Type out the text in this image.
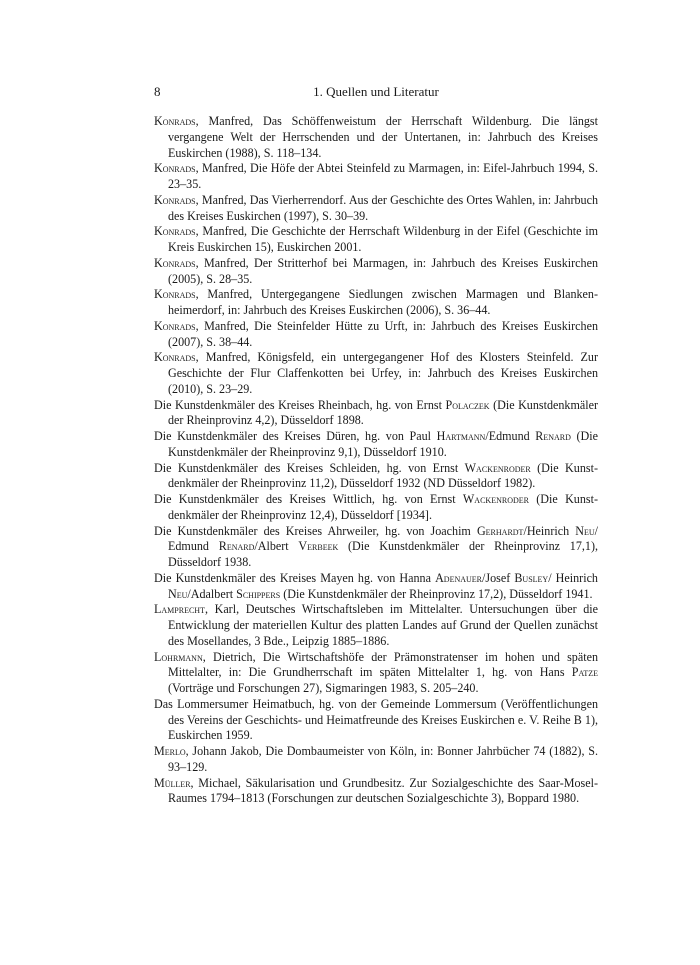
8	1. Quellen und Literatur
Konrads, Manfred, Das Schöffenweistum der Herrschaft Wildenburg. Die längst vergangene Welt der Herrschenden und der Untertanen, in: Jahrbuch des Kreises Euskirchen (1988), S. 118–134.
Konrads, Manfred, Die Höfe der Abtei Steinfeld zu Marmagen, in: Eifel-Jahrbuch 1994, S. 23–35.
Konrads, Manfred, Das Vierherrendorf. Aus der Geschichte des Ortes Wahlen, in: Jahrbuch des Kreises Euskirchen (1997), S. 30–39.
Konrads, Manfred, Die Geschichte der Herrschaft Wildenburg in der Eifel (Geschichte im Kreis Euskirchen 15), Euskirchen 2001.
Konrads, Manfred, Der Stritterhof bei Marmagen, in: Jahrbuch des Kreises Euskirchen (2005), S. 28–35.
Konrads, Manfred, Untergegangene Siedlungen zwischen Marmagen und Blankenheimerdorf, in: Jahrbuch des Kreises Euskirchen (2006), S. 36–44.
Konrads, Manfred, Die Steinfelder Hütte zu Urft, in: Jahrbuch des Kreises Euskirchen (2007), S. 38–44.
Konrads, Manfred, Königsfeld, ein untergegangener Hof des Klosters Steinfeld. Zur Geschichte der Flur Claffenkotten bei Urfey, in: Jahrbuch des Kreises Euskirchen (2010), S. 23–29.
Die Kunstdenkmäler des Kreises Rheinbach, hg. von Ernst Polaczek (Die Kunstdenkmäler der Rheinprovinz 4,2), Düsseldorf 1898.
Die Kunstdenkmäler des Kreises Düren, hg. von Paul Hartmann/Edmund Renard (Die Kunstdenkmäler der Rheinprovinz 9,1), Düsseldorf 1910.
Die Kunstdenkmäler des Kreises Schleiden, hg. von Ernst Wackenroder (Die Kunstdenkmäler der Rheinprovinz 11,2), Düsseldorf 1932 (ND Düsseldorf 1982).
Die Kunstdenkmäler des Kreises Wittlich, hg. von Ernst Wackenroder (Die Kunstdenkmäler der Rheinprovinz 12,4), Düsseldorf [1934].
Die Kunstdenkmäler des Kreises Ahrweiler, hg. von Joachim Gerhardt/Heinrich Neu/ Edmund Renard/Albert Verbeek (Die Kunstdenkmäler der Rheinprovinz 17,1), Düsseldorf 1938.
Die Kunstdenkmäler des Kreises Mayen hg. von Hanna Adenauer/Josef Busley/ Heinrich Neu/Adalbert Schippers (Die Kunstdenkmäler der Rheinprovinz 17,2), Düsseldorf 1941.
Lamprecht, Karl, Deutsches Wirtschaftsleben im Mittelalter. Untersuchungen über die Entwicklung der materiellen Kultur des platten Landes auf Grund der Quellen zunächst des Mosellandes, 3 Bde., Leipzig 1885–1886.
Lohrmann, Dietrich, Die Wirtschaftshöfe der Prämonstratenser im hohen und späten Mittelalter, in: Die Grundherrschaft im späten Mittelalter 1, hg. von Hans Patze (Vorträge und Forschungen 27), Sigmaringen 1983, S. 205–240.
Das Lommersumer Heimatbuch, hg. von der Gemeinde Lommersum (Veröffentlichungen des Vereins der Geschichts- und Heimatfreunde des Kreises Euskirchen e. V. Reihe B 1), Euskirchen 1959.
Merlo, Johann Jakob, Die Dombaumeister von Köln, in: Bonner Jahrbücher 74 (1882), S. 93–129.
Müller, Michael, Säkularisation und Grundbesitz. Zur Sozialgeschichte des Saar-Mosel-Raumes 1794–1813 (Forschungen zur deutschen Sozialgeschichte 3), Boppard 1980.
